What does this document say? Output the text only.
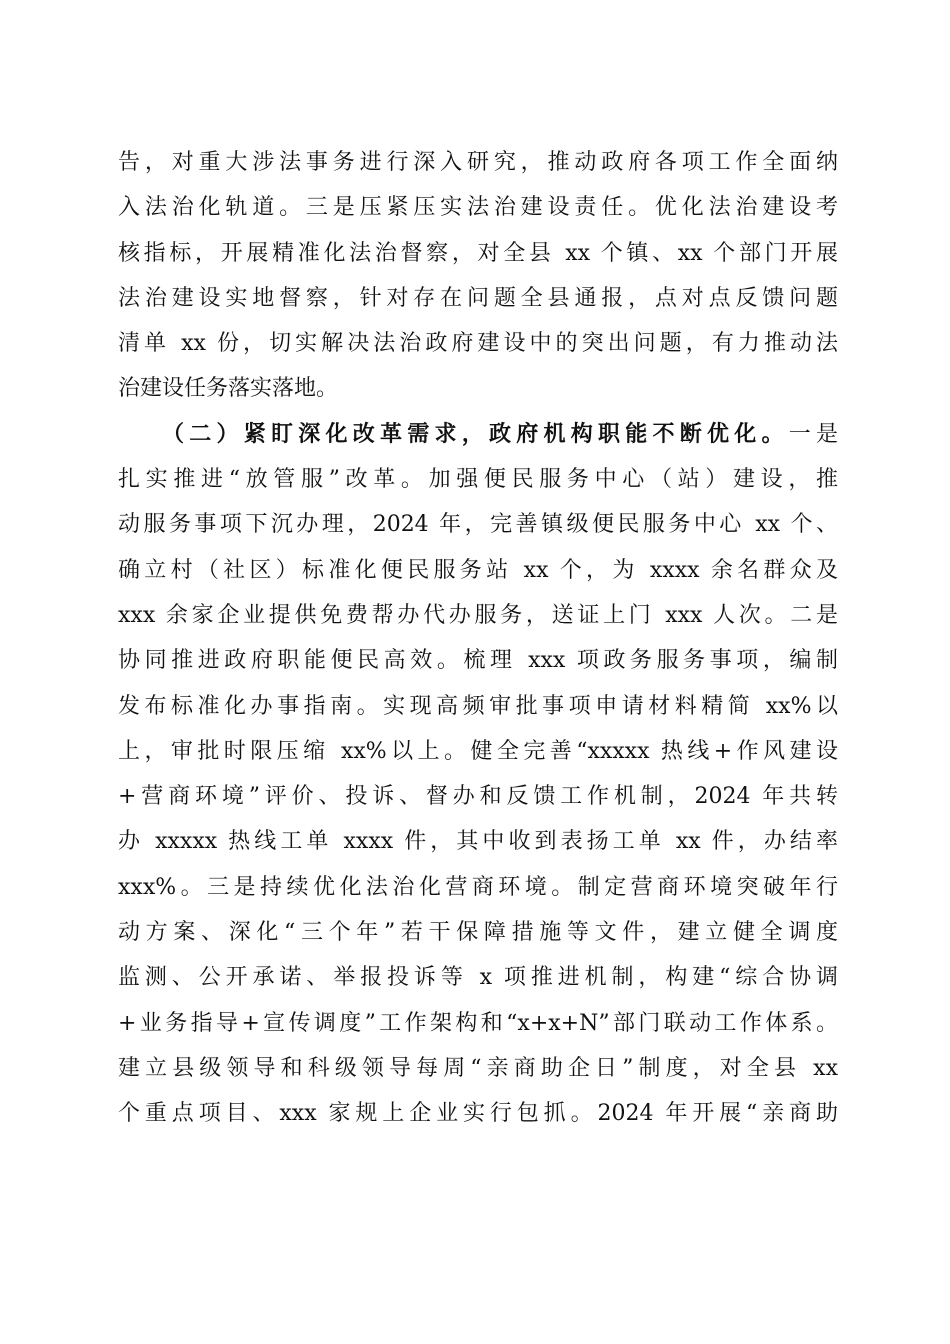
告，对重大涉法事务进行深入研究，推动政府各项工作全面纳
入法治化轨道。三是压紧压实法治建设责任。优化法治建设考
核指标，开展精准化法治督察，对全县 xx 个镇、xx 个部门开展
法治建设实地督察，针对存在问题全县通报，点对点反馈问题
清单 xx 份，切实解决法治政府建设中的突出问题，有力推动法
治建设任务落实落地。
（二）紧盯深化改革需求，政府机构职能不断优化。一是
扎实推进“放管服”改革。加强便民服务中心（站）建设，推
动服务事项下沉办理，2024 年，完善镇级便民服务中心 xx 个、
确立村（社区）标准化便民服务站 xx 个，为 xxxx 余名群众及
xxx 余家企业提供免费帮办代办服务，送证上门 xxx 人次。二是
协同推进政府职能便民高效。梳理 xxx 项政务服务事项，编制
发布标准化办事指南。实现高频审批事项申请材料精简 xx%以
上，审批时限压缩 xx%以上。健全完善“xxxxx 热线+作风建设
+营商环境”评价、投诉、督办和反馈工作机制，2024 年共转
办 xxxxx 热线工单 xxxx 件，其中收到表扬工单 xx 件，办结率
xxx%。三是持续优化法治化营商环境。制定营商环境突破年行
动方案、深化“三个年”若干保障措施等文件，建立健全调度
监测、公开承诺、举报投诉等 x 项推进机制，构建“综合协调
+业务指导+宣传调度”工作架构和“x+x+N”部门联动工作体系。
建立县级领导和科级领导每周“亲商助企日”制度，对全县 xx
个重点项目、xxx 家规上企业实行包抓。2024 年开展“亲商助
